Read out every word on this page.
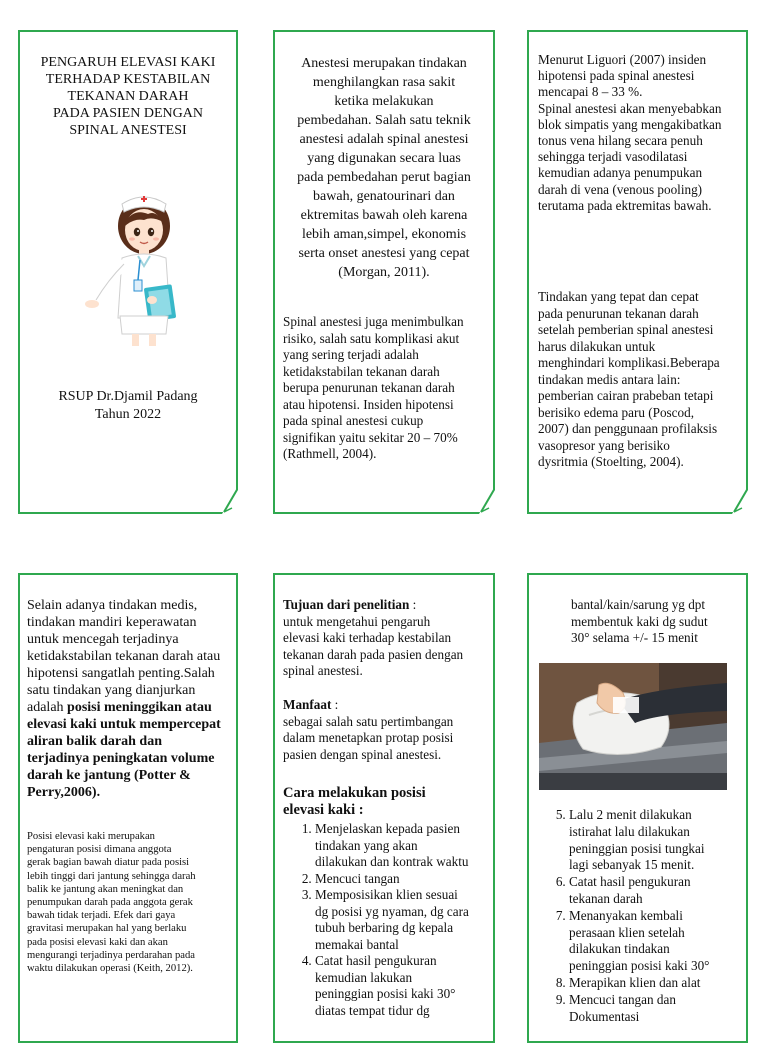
PENGARUH ELEVASI KAKI
TERHADAP KESTABILAN
TEKANAN DARAH
PADA PASIEN DENGAN
SPINAL ANESTESI
RSUP Dr.Djamil Padang
Tahun 2022
Anestesi merupakan tindakan
menghilangkan rasa sakit
ketika melakukan
pembedahan. Salah satu teknik
anestesi adalah spinal anestesi
yang digunakan secara luas
pada pembedahan perut bagian
bawah, genatourinari dan
ektremitas bawah oleh karena
lebih aman,simpel, ekonomis
serta onset anestesi yang cepat
(Morgan, 2011).
Spinal anestesi juga menimbulkan
risiko, salah satu komplikasi akut
yang sering terjadi adalah
ketidakstabilan tekanan darah
berupa penurunan tekanan darah
atau hipotensi. Insiden hipotensi
pada spinal anestesi cukup
signifikan yaitu sekitar 20 – 70%
(Rathmell, 2004).
Menurut Liguori (2007) insiden
hipotensi pada spinal anestesi
mencapai 8 – 33 %.
Spinal anestesi akan menyebabkan
blok simpatis yang mengakibatkan
tonus vena hilang secara penuh
sehingga terjadi vasodilatasi
kemudian adanya penumpukan
darah di vena (venous pooling)
terutama pada ektremitas bawah.
Tindakan yang tepat dan cepat
pada penurunan tekanan darah
setelah pemberian spinal anestesi
harus dilakukan untuk
menghindari komplikasi.Beberapa
tindakan medis antara lain:
pemberian cairan prabeban tetapi
berisiko edema paru (Poscod,
2007) dan penggunaan profilaksis
vasopresor yang berisiko
dysritmia (Stoelting, 2004).
Selain adanya tindakan medis,
tindakan mandiri keperawatan
untuk mencegah terjadinya
ketidakstabilan tekanan darah atau
hipotensi sangatlah penting.Salah
satu tindakan yang dianjurkan
adalah posisi meninggikan atau
elevasi kaki untuk mempercepat
aliran balik darah dan
terjadinya peningkatan volume
darah ke jantung (Potter &
Perry,2006).
Posisi elevasi kaki merupakan
pengaturan posisi dimana anggota
gerak bagian bawah diatur pada posisi
lebih tinggi dari jantung sehingga darah
balik ke jantung akan meningkat dan
penumpukan darah pada anggota gerak
bawah tidak terjadi. Efek dari gaya
gravitasi merupakan hal yang berlaku
pada posisi elevasi kaki dan akan
mengurangi terjadinya perdarahan pada
waktu dilakukan operasi (Keith, 2012).
Tujuan dari penelitian :
untuk mengetahui pengaruh
elevasi kaki terhadap kestabilan
tekanan darah pada pasien dengan
spinal anestesi.
Manfaat :
sebagai salah satu pertimbangan
dalam menetapkan protap posisi
pasien dengan spinal anestesi.
Cara melakukan posisi
elevasi kaki :
1. Menjelaskan kepada pasien
tindakan yang akan
dilakukan dan kontrak waktu
2. Mencuci tangan
3. Memposisikan klien sesuai
dg posisi yg nyaman, dg cara
tubuh berbaring dg kepala
memakai bantal
4. Catat hasil pengukuran
kemudian lakukan
peninggian posisi kaki 30°
diatas tempat tidur dg
bantal/kain/sarung yg dpt
membentuk kaki dg sudut
30° selama +/- 15 menit
5. Lalu 2 menit dilakukan
istirahat lalu dilakukan
peninggian posisi tungkai
lagi sebanyak 15 menit.
6. Catat hasil pengukuran
tekanan darah
7. Menanyakan kembali
perasaan klien setelah
dilakukan tindakan
peninggian posisi kaki 30°
8. Merapikan klien dan alat
9. Mencuci tangan dan
Dokumentasi
